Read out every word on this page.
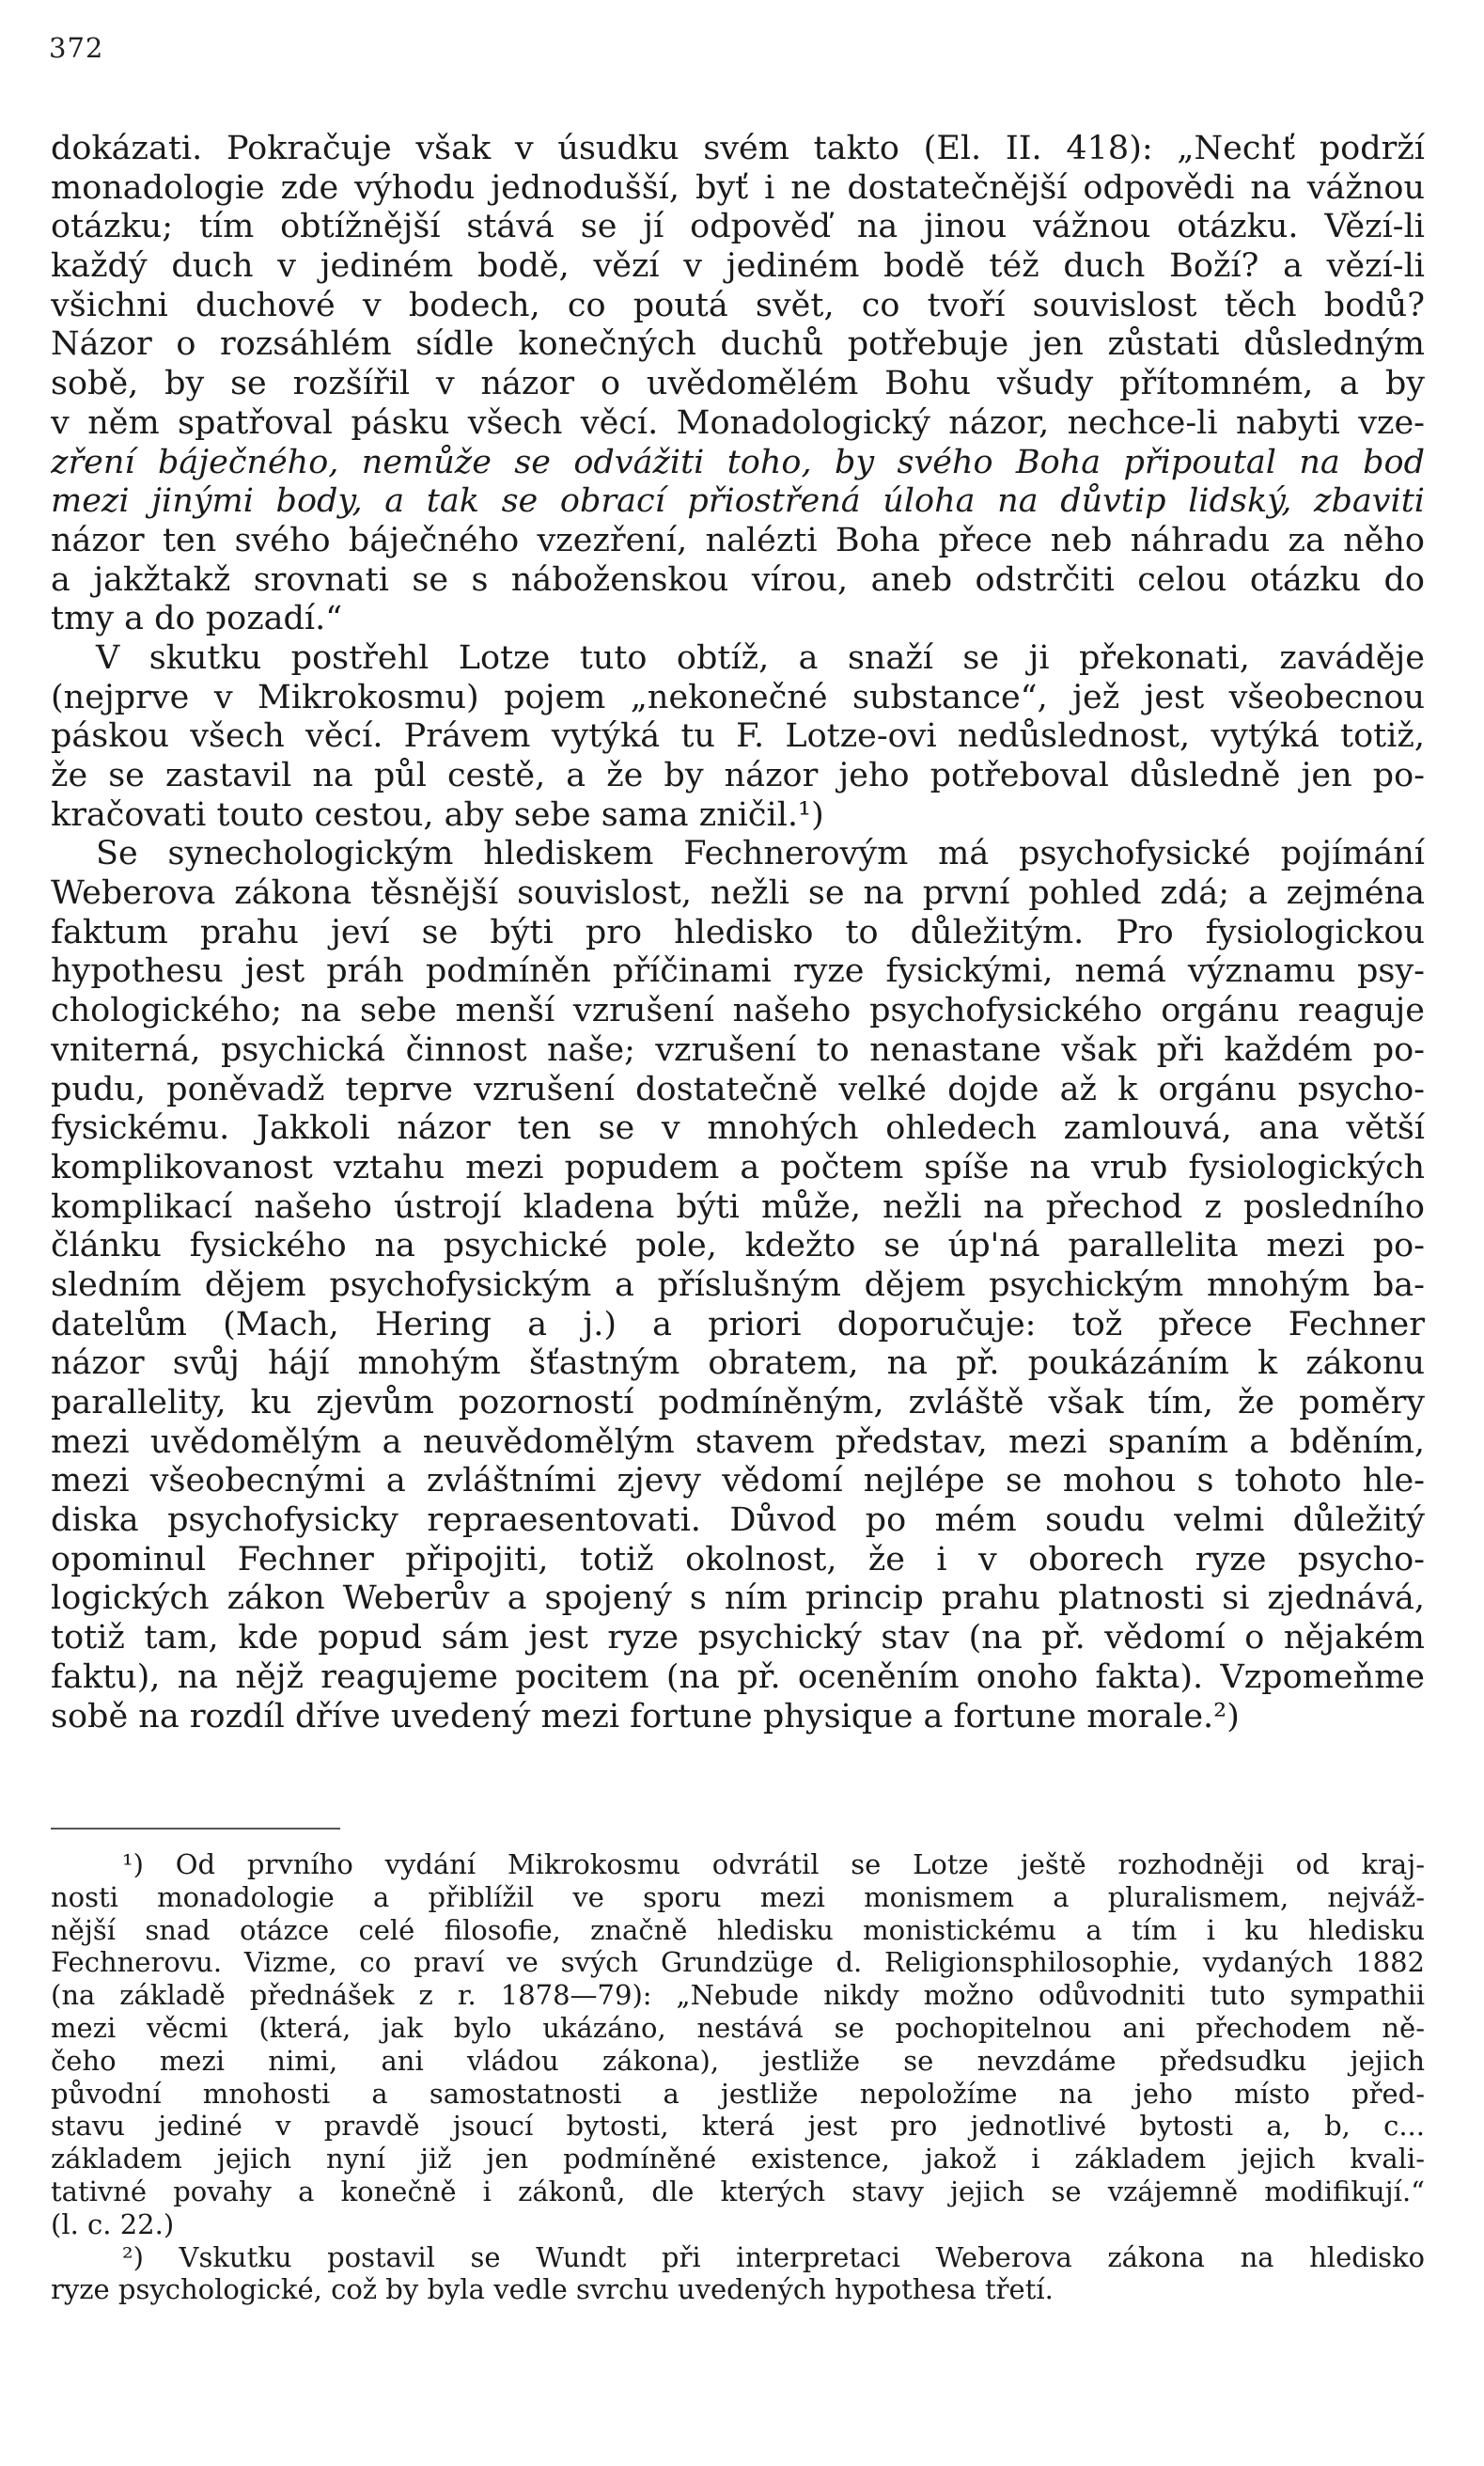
372
dokázati. Pokračuje však v úsudku svém takto (El. II. 418): „Nechť podrží
monadologie zde výhodu jednodušší, byť i ne dostatečnější odpovědi na vážnou
otázku; tím obtížnější stává se jí odpověď na jinou vážnou otázku. Vězí-li
každý duch v jediném bodě, vězí v jediném bodě též duch Boží? a vězí-li
všichni duchové v bodech, co poutá svět, co tvoří souvislost těch bodů?
Názor o rozsáhlém sídle konečných duchů potřebuje jen zůstati důsledným
sobě, by se rozšířil v názor o uvědomělém Bohu všudy přítomném, a by
v něm spatřoval pásku všech věcí. Monadologický názor, nechce-li nabyti vze-
zření báječného, nemůže se odvážiti toho, by svého Boha připoutal na bod
mezi jinými body, a tak se obrací přiostřená úloha na důvtip lidský, zbaviti
názor ten svého báječného vzezření, nalézti Boha přece neb náhradu za něho
a jakžtakž srovnati se s náboženskou vírou, aneb odstrčiti celou otázku do
tmy a do pozadí.“
V skutku postřehl Lotze tuto obtíž, a snaží se ji překonati, zaváděje
(nejprve v Mikrokosmu) pojem „nekonečné substance“, jež jest všeobecnou
páskou všech věcí. Právem vytýká tu F. Lotze-ovi nedůslednost, vytýká totiž,
že se zastavil na půl cestě, a že by názor jeho potřeboval důsledně jen po-
kračovati touto cestou, aby sebe sama zničil.¹)
Se synechologickým hlediskem Fechnerovým má psychofysické pojímání
Weberova zákona těsnější souvislost, nežli se na první pohled zdá; a zejména
faktum prahu jeví se býti pro hledisko to důležitým. Pro fysiologickou
hypothesu jest práh podmíněn příčinami ryze fysickými, nemá významu psy-
chologického; na sebe menší vzrušení našeho psychofysického orgánu reaguje
vniterná, psychická činnost naše; vzrušení to nenastane však při každém po-
pudu, poněvadž teprve vzrušení dostatečně velké dojde až k orgánu psycho-
fysickému. Jakkoli názor ten se v mnohých ohledech zamlouvá, ana větší
komplikovanost vztahu mezi popudem a počtem spíše na vrub fysiologických
komplikací našeho ústrojí kladena býti může, nežli na přechod z posledního
článku fysického na psychické pole, kdežto se úp'ná parallelita mezi po-
sledním dějem psychofysickým a příslušným dějem psychickým mnohým ba-
datelům (Mach, Hering a j.) a priori doporučuje: tož přece Fechner
názor svůj hájí mnohým šťastným obratem, na př. poukázáním k zákonu
parallelity, ku zjevům pozorností podmíněným, zvláště však tím, že poměry
mezi uvědomělým a neuvědomělým stavem představ, mezi spaním a bděním,
mezi všeobecnými a zvláštními zjevy vědomí nejlépe se mohou s tohoto hle-
diska psychofysicky repraesentovati. Důvod po mém soudu velmi důležitý
opominul Fechner připojiti, totiž okolnost, že i v oborech ryze psycho-
logických zákon Weberův a spojený s ním princip prahu platnosti si zjednává,
totiž tam, kde popud sám jest ryze psychický stav (na př. vědomí o nějakém
faktu), na nějž reagujeme pocitem (na př. oceněním onoho fakta). Vzpomeňme
sobě na rozdíl dříve uvedený mezi fortune physique a fortune morale.²)
¹) Od prvního vydání Mikrokosmu odvrátil se Lotze ještě rozhodněji od kraj-
nosti monadologie a přiblížil ve sporu mezi monismem a pluralismem, nejváž-
nější snad otázce celé filosofie, značně hledisku monistickému a tím i ku hledisku
Fechnerovu. Vizme, co praví ve svých Grundzüge d. Religionsphilosophie, vydaných 1882
(na základě přednášek z r. 1878—79): „Nebude nikdy možno odůvodniti tuto sympathii
mezi věcmi (která, jak bylo ukázáno, nestává se pochopitelnou ani přechodem ně-
čeho mezi nimi, ani vládou zákona), jestliže se nevzdáme předsudku jejich
původní mnohosti a samostatnosti a jestliže nepoložíme na jeho místo před-
stavu jediné v pravdě jsoucí bytosti, která jest pro jednotlivé bytosti a, b, c...
základem jejich nyní již jen podmíněné existence, jakož i základem jejich kvali-
tativné povahy a konečně i zákonů, dle kterých stavy jejich se vzájemně modifikují.“
(l. c. 22.)
²) Vskutku postavil se Wundt při interpretaci Weberova zákona na hledisko
ryze psychologické, což by byla vedle svrchu uvedených hypothesa třetí.
